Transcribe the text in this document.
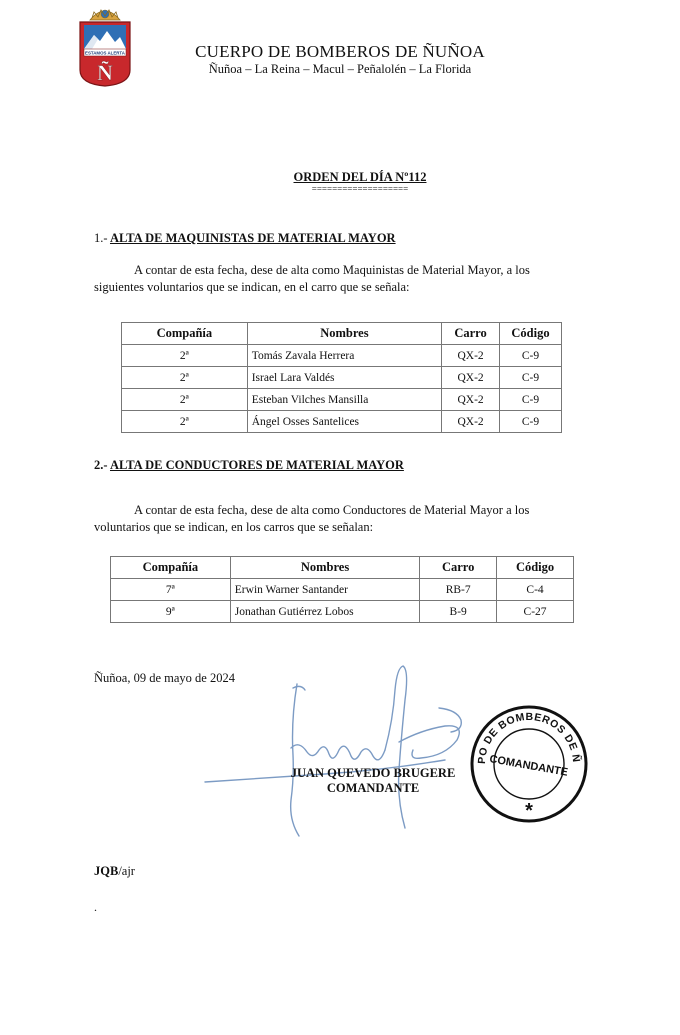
ESTAMOS ALERTA
Ñ
CUERPO DE BOMBEROS DE ÑUÑOA
Ñuñoa – La Reina – Macul – Peñalolén – La Florida
ORDEN DEL DÍA Nº112
===================
1.- ALTA DE MAQUINISTAS DE MATERIAL MAYOR
A contar de esta fecha, dese de alta como Maquinistas de Material Mayor, a los siguientes voluntarios que se indican, en el carro que se señala:
Compañía	Nombres	Carro	Código
2ª	Tomás Zavala Herrera	QX-2	C-9
2ª	Israel Lara Valdés	QX-2	C-9
2ª	Esteban Vilches Mansilla	QX-2	C-9
2ª	Ángel Osses Santelices	QX-2	C-9
2.- ALTA DE CONDUCTORES DE MATERIAL MAYOR
A contar de esta fecha, dese de alta como Conductores de Material Mayor a los voluntarios que se indican, en los carros que se señalan:
Compañía	Nombres	Carro	Código
7ª	Erwin Warner Santander	RB-7	C-4
9ª	Jonathan Gutiérrez Lobos	B-9	C-27
Ñuñoa, 09 de mayo de 2024
JUAN QUEVEDO BRUGERE
COMANDANTE
PO DE BOMBEROS DE Ñ
COMANDANTE
*
JQB/ajr
.
